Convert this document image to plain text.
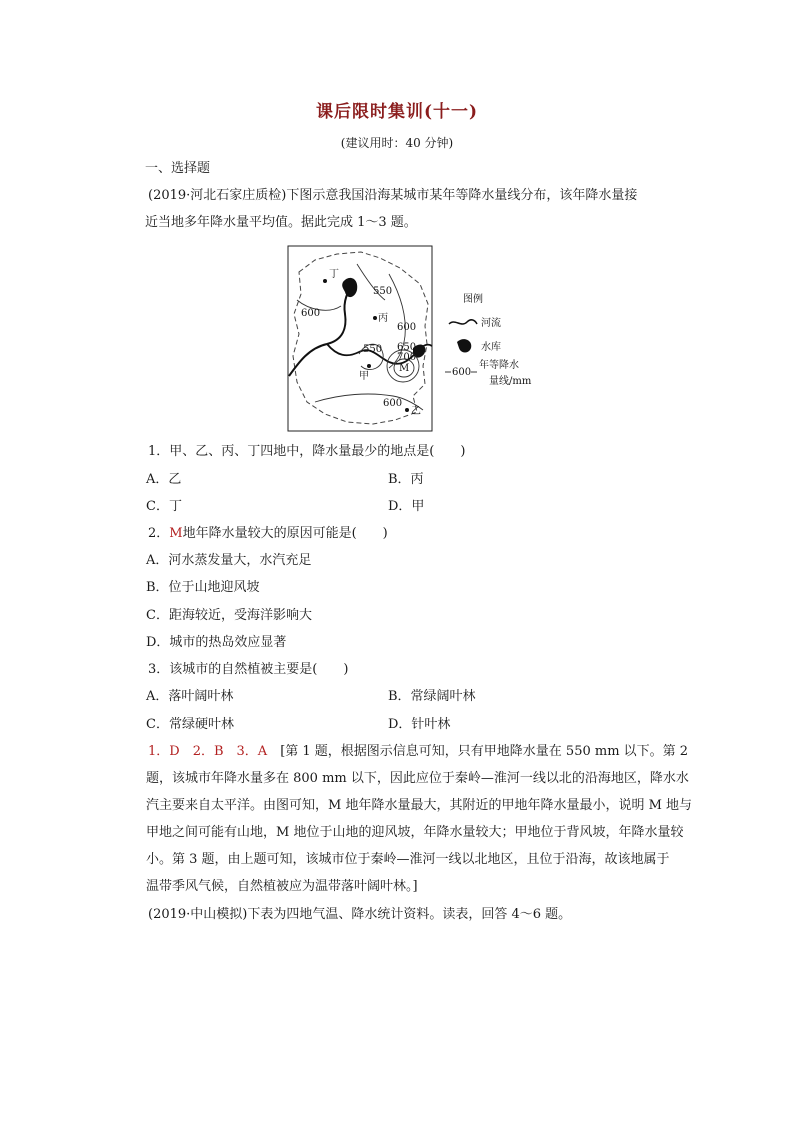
课后限时集训(十一)
(建议用时：40 分钟)
一、选择题
(2019·河北石家庄质检)下图示意我国沿海某城市某年等降水量线分布，该年降水量接
近当地多年降水量平均值。据此完成 1～3 题。
丁
丙
甲
乙
M
600
550
600
550 650
700
600
图例
河流
水库
600
年等降水
量线/mm
1．甲、乙、丙、丁四地中，降水量最少的地点是(　　)
A．乙	B．丙
C．丁	D．甲
2．M地年降水量较大的原因可能是(　　)
A．河水蒸发量大，水汽充足
B．位于山地迎风坡
C．距海较近，受海洋影响大
D．城市的热岛效应显著
3．该城市的自然植被主要是(　　)
A．落叶阔叶林	B．常绿阔叶林
C．常绿硬叶林	D．针叶林
1．D　2．B　3．A　[第 1 题，根据图示信息可知，只有甲地降水量在 550 mm 以下。第 2
题，该城市年降水量多在 800 mm 以下，因此应位于秦岭—淮河一线以北的沿海地区，降水水
汽主要来自太平洋。由图可知，M 地年降水量最大，其附近的甲地年降水量最小，说明 M 地与
甲地之间可能有山地，M 地位于山地的迎风坡，年降水量较大；甲地位于背风坡，年降水量较
小。第 3 题，由上题可知，该城市位于秦岭—淮河一线以北地区，且位于沿海，故该地属于
温带季风气候，自然植被应为温带落叶阔叶林。]
(2019·中山模拟)下表为四地气温、降水统计资料。读表，回答 4～6 题。
